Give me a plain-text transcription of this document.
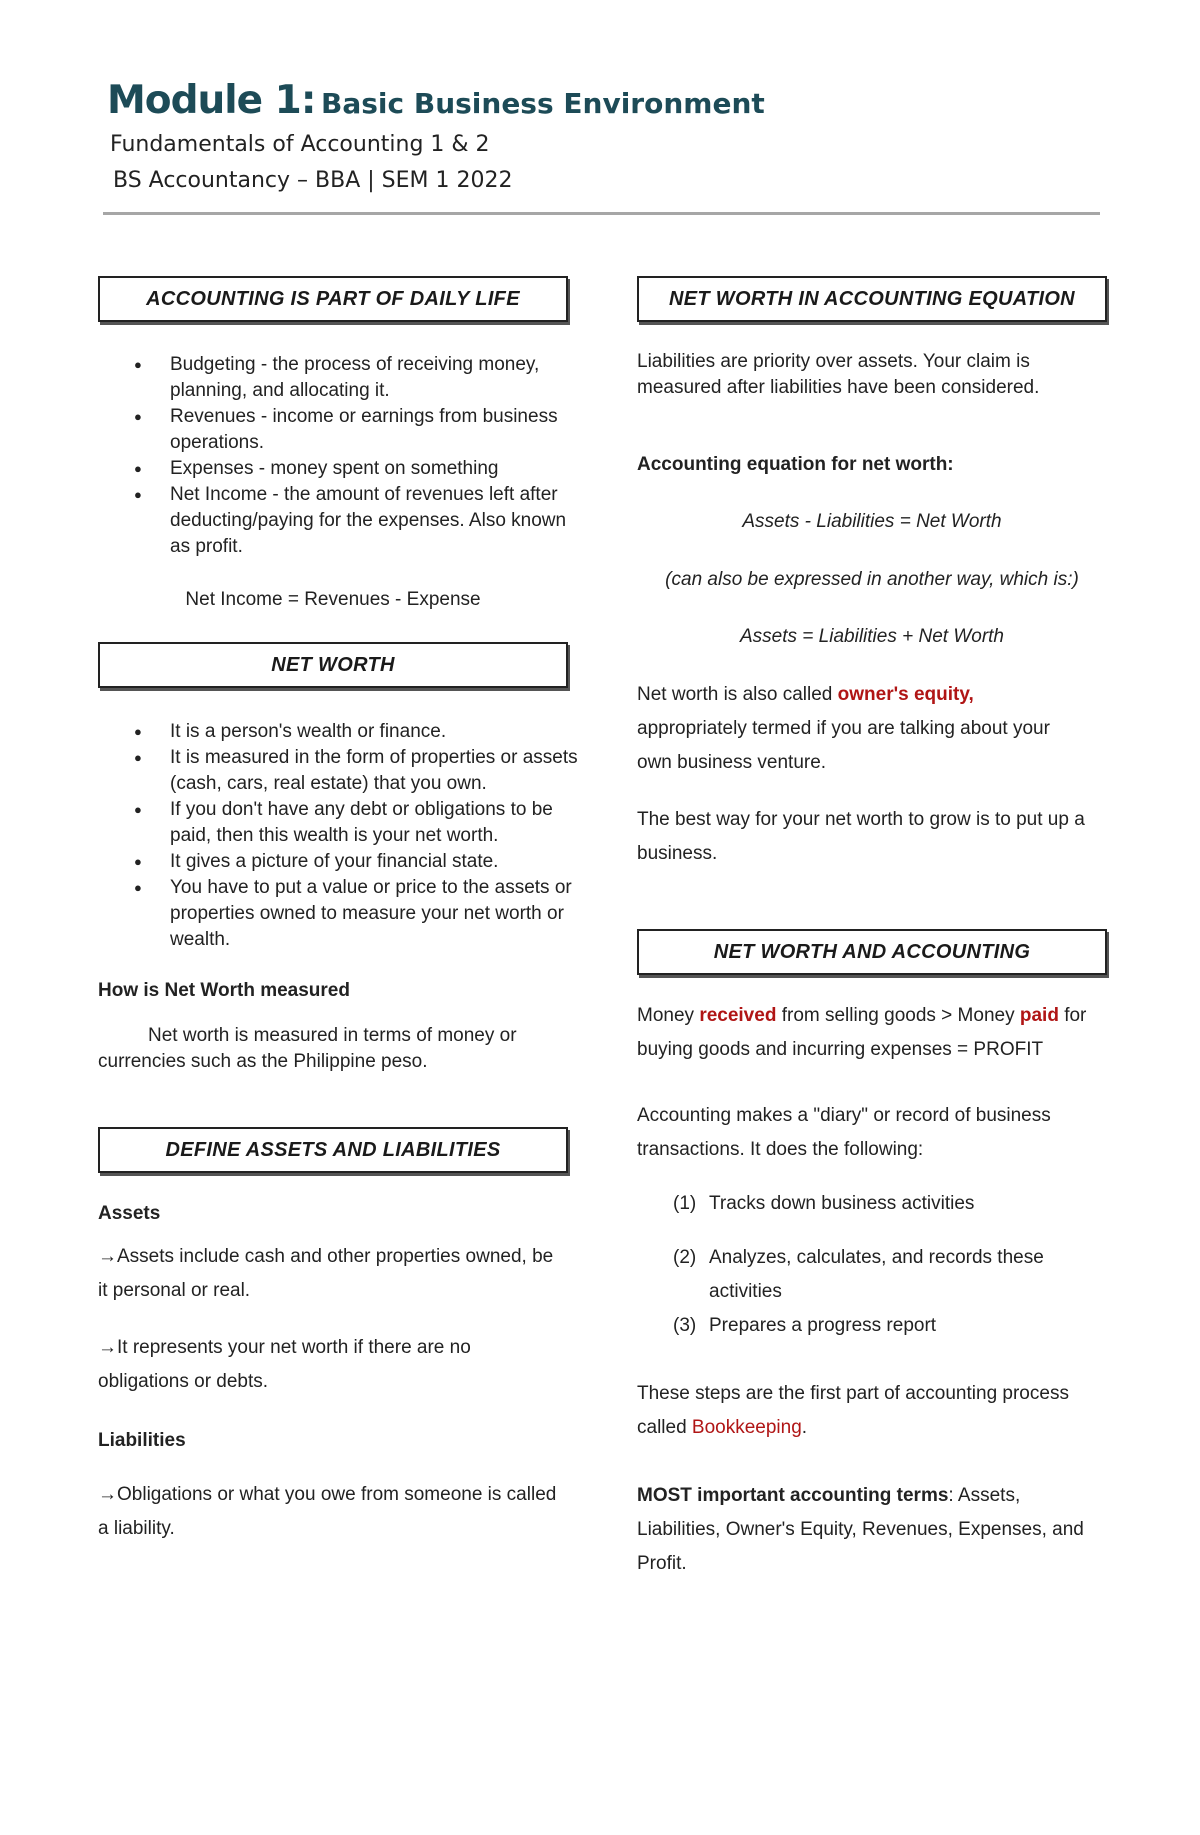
Module 1: Basic Business Environment
Fundamentals of Accounting 1 & 2
BS Accountancy – BBA | SEM 1 2022
ACCOUNTING IS PART OF DAILY LIFE
● Budgeting - the process of receiving money, planning, and allocating it.
● Revenues - income or earnings from business operations.
● Expenses - money spent on something
● Net Income - the amount of revenues left after deducting/paying for the expenses. Also known as profit.
Net Income = Revenues - Expense
NET WORTH
● It is a person's wealth or finance.
● It is measured in the form of properties or assets (cash, cars, real estate) that you own.
● If you don't have any debt or obligations to be paid, then this wealth is your net worth.
● It gives a picture of your financial state.
● You have to put a value or price to the assets or properties owned to measure your net worth or wealth.
How is Net Worth measured
Net worth is measured in terms of money or currencies such as the Philippine peso.
DEFINE ASSETS AND LIABILITIES
Assets
→Assets include cash and other properties owned, be it personal or real.
→It represents your net worth if there are no obligations or debts.
Liabilities
→Obligations or what you owe from someone is called a liability.
NET WORTH IN ACCOUNTING EQUATION
Liabilities are priority over assets. Your claim is measured after liabilities have been considered.
Accounting equation for net worth:
Assets - Liabilities = Net Worth
(can also be expressed in another way, which is:)
Assets = Liabilities + Net Worth
Net worth is also called owner's equity, appropriately termed if you are talking about your own business venture.
The best way for your net worth to grow is to put up a business.
NET WORTH AND ACCOUNTING
Money received from selling goods > Money paid for buying goods and incurring expenses = PROFIT
Accounting makes a "diary" or record of business transactions. It does the following:
(1) Tracks down business activities
(2) Analyzes, calculates, and records these activities
(3) Prepares a progress report
These steps are the first part of accounting process called Bookkeeping.
MOST important accounting terms: Assets, Liabilities, Owner's Equity, Revenues, Expenses, and Profit.
